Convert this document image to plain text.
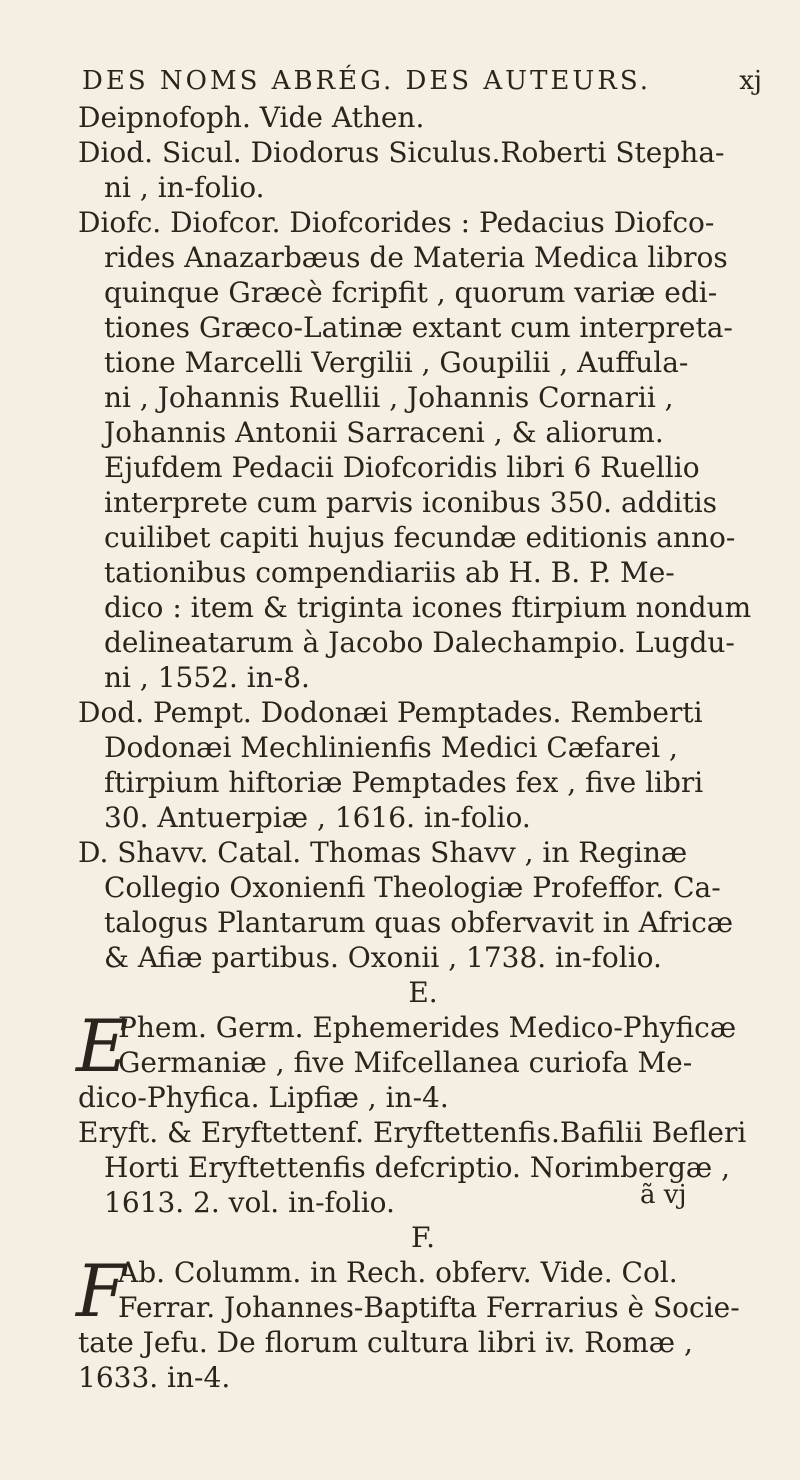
DES NOMS ABRÉG. DES AUTEURS.	xj

Deipnofoph. Vide Athen.

Diod. Sicul. Diodorus Siculus.Roberti Stepha-

ni , in-folio.

Diofc. Diofcor. Diofcorides : Pedacius Diofco-

rides Anazarbæus de Materia Medica libros

quinque Græcè fcripfit , quorum variæ edi-

tiones Græco-Latinæ extant cum interpreta-

tione Marcelli Vergilii , Goupilii , Auffula-

ni , Johannis Ruellii , Johannis Cornarii ,

Johannis Antonii Sarraceni , & aliorum.

Ejufdem Pedacii Diofcoridis libri 6 Ruellio

interprete cum parvis iconibus 350. additis

cuilibet capiti hujus fecundæ editionis anno-

tationibus compendiariis ab H. B. P. Me-

dico : item & triginta icones ftirpium nondum

delineatarum à Jacobo Dalechampio. Lugdu-

ni , 1552. in-8.

Dod. Pempt. Dodonæi Pemptades. Remberti

Dodonæi Mechlinienfis Medici Cæfarei ,

ftirpium hiftoriæ Pemptades fex , five libri

30. Antuerpiæ , 1616. in-folio.

D. Shavv. Catal. Thomas Shavv , in Reginæ

Collegio Oxonienfi Theologiæ Profeffor. Ca-

talogus Plantarum quas obfervavit in Africæ

& Afiæ partibus. Oxonii , 1738. in-folio.

E.

E

Phem. Germ. Ephemerides Medico-Phyficæ

Germaniæ , five Mifcellanea curiofa Me-

dico-Phyfica. Lipfiæ , in-4.

Eryft. & Eryftettenf. Eryftettenfis.Bafilii Befleri

Horti Eryftettenfis defcriptio. Norimbergæ ,

1613. 2. vol. in-folio.

F.

F

Ab. Columm. in Rech. obferv. Vide. Col.

Ferrar. Johannes-Baptifta Ferrarius è Socie-

tate Jefu. De florum cultura libri iv. Romæ ,

1633. in-4.

ã vj
